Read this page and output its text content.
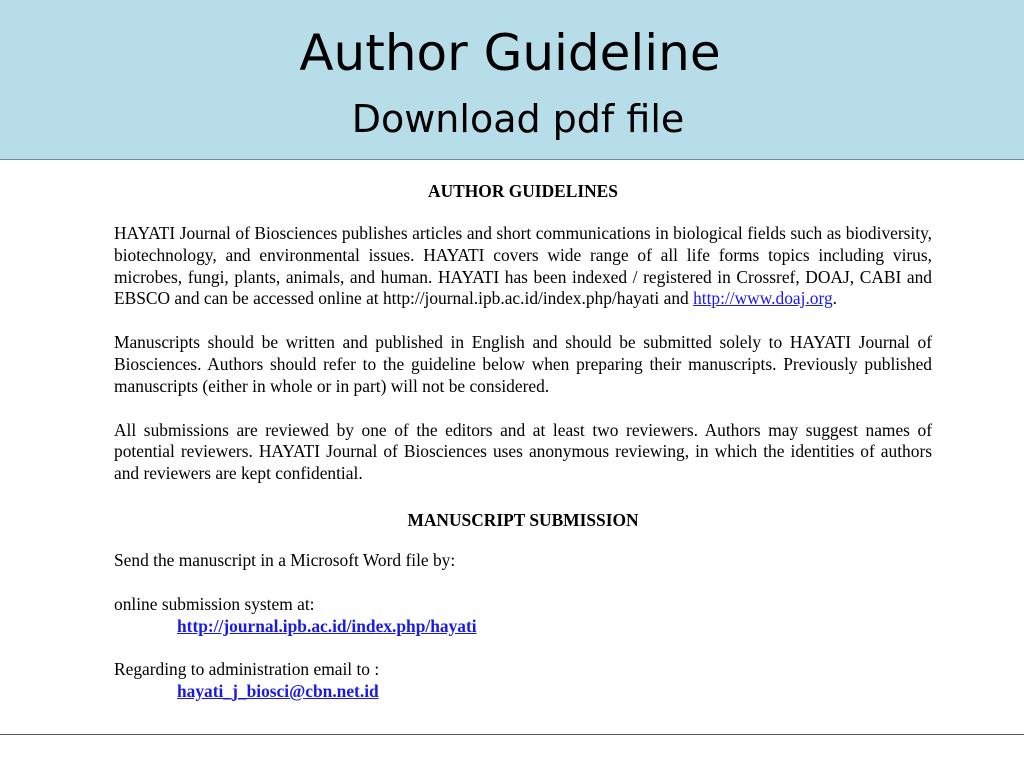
Author Guideline
Download pdf file
AUTHOR GUIDELINES

HAYATI Journal of Biosciences publishes articles and short communications in biological fields such as biodiversity, biotechnology, and environmental issues. HAYATI covers wide range of all life forms topics including virus, microbes, fungi, plants, animals, and human. HAYATI has been indexed / registered in Crossref, DOAJ, CABI and EBSCO and can be accessed online at http://journal.ipb.ac.id/index.php/hayati and http://www.doaj.org.

Manuscripts should be written and published in English and should be submitted solely to HAYATI Journal of Biosciences. Authors should refer to the guideline below when preparing their manuscripts. Previously published manuscripts (either in whole or in part) will not be considered.

All submissions are reviewed by one of the editors and at least two reviewers. Authors may suggest names of potential reviewers. HAYATI Journal of Biosciences uses anonymous reviewing, in which the identities of authors and reviewers are kept confidential.

MANUSCRIPT SUBMISSION

Send the manuscript in a Microsoft Word file by:

online submission system at:

http://journal.ipb.ac.id/index.php/hayati

Regarding to administration email to :

hayati_j_biosci@cbn.net.id
